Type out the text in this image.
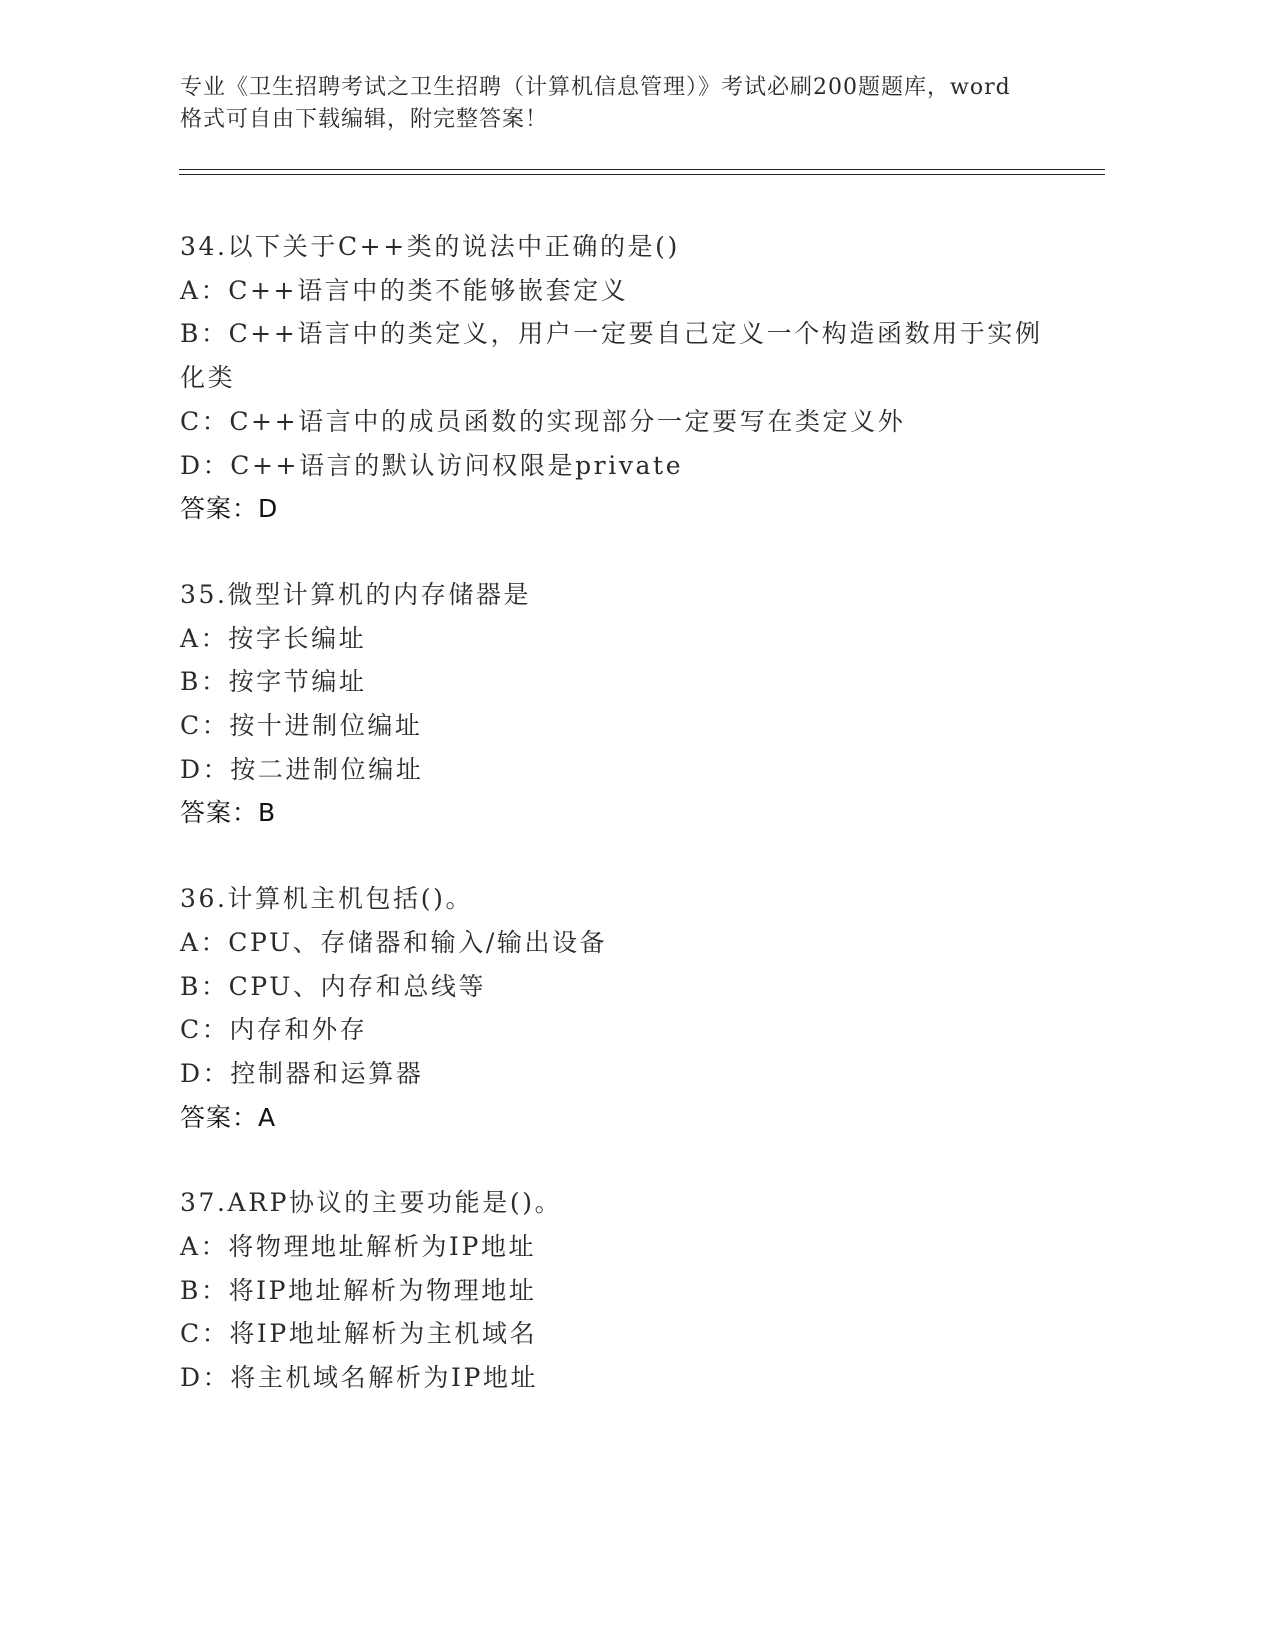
专业《卫生招聘考试之卫生招聘（计算机信息管理）》考试必刷200题题库，word
格式可自由下载编辑，附完整答案！
34.以下关于C++类的说法中正确的是()
A：C++语言中的类不能够嵌套定义
B：C++语言中的类定义，用户一定要自己定义一个构造函数用于实例
化类
C：C++语言中的成员函数的实现部分一定要写在类定义外
D：C++语言的默认访问权限是private
答案：D
35.微型计算机的内存储器是
A：按字长编址
B：按字节编址
C：按十进制位编址
D：按二进制位编址
答案：B
36.计算机主机包括()。
A：CPU、存储器和输入/输出设备
B：CPU、内存和总线等
C：内存和外存
D：控制器和运算器
答案：A
37.ARP协议的主要功能是()。
A：将物理地址解析为IP地址
B：将IP地址解析为物理地址
C：将IP地址解析为主机域名
D：将主机域名解析为IP地址
